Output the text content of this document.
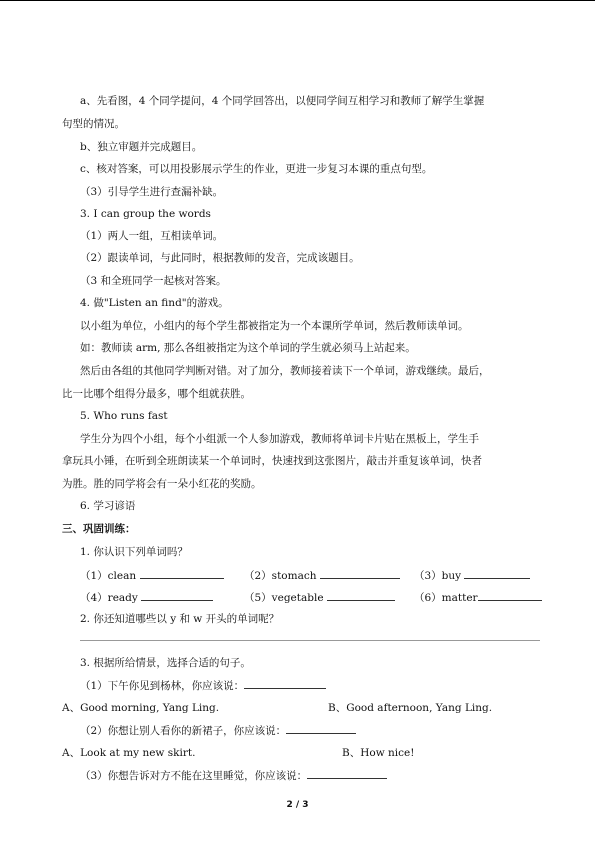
a、先看图，4 个同学提问，4 个同学回答出，以便同学间互相学习和教师了解学生掌握
句型的情况。
b、独立审题并完成题目。
c、核对答案，可以用投影展示学生的作业，更进一步复习本课的重点句型。
（3）引导学生进行查漏补缺。
3. I can group the words
（1）两人一组，互相读单词。
（2）跟读单词，与此同时，根据教师的发音，完成该题目。
（3 和全班同学一起核对答案。
4. 做"Listen an find"的游戏。
以小组为单位，小组内的每个学生都被指定为一个本课所学单词，然后教师读单词。
如：教师读 arm, 那么各组被指定为这个单词的学生就必须马上站起来。
然后由各组的其他同学判断对错。对了加分，教师接着读下一个单词，游戏继续。最后，
比一比哪个组得分最多，哪个组就获胜。
5. Who runs fast
学生分为四个小组，每个小组派一个人参加游戏，教师将单词卡片贴在黑板上，学生手
拿玩具小锤，在听到全班朗读某一个单词时，快速找到这张图片，敲击并重复该单词，快者
为胜。胜的同学将会有一朵小红花的奖励。
6. 学习谚语
三、巩固训练：
1. 你认识下列单词吗？
（1）clean	（2）stomach	（3）buy
（4）ready	（5）vegetable	（6）matter
2. 你还知道哪些以 y 和 w 开头的单词呢？
3. 根据所给情景，选择合适的句子。
（1）下午你见到杨林，你应该说：
A、Good morning, Yang Ling.	B、Good afternoon, Yang Ling.
（2）你想让别人看你的新裙子，你应该说：
A、Look at my new skirt.	B、How nice!
（3）你想告诉对方不能在这里睡觉，你应该说：
2 / 3
